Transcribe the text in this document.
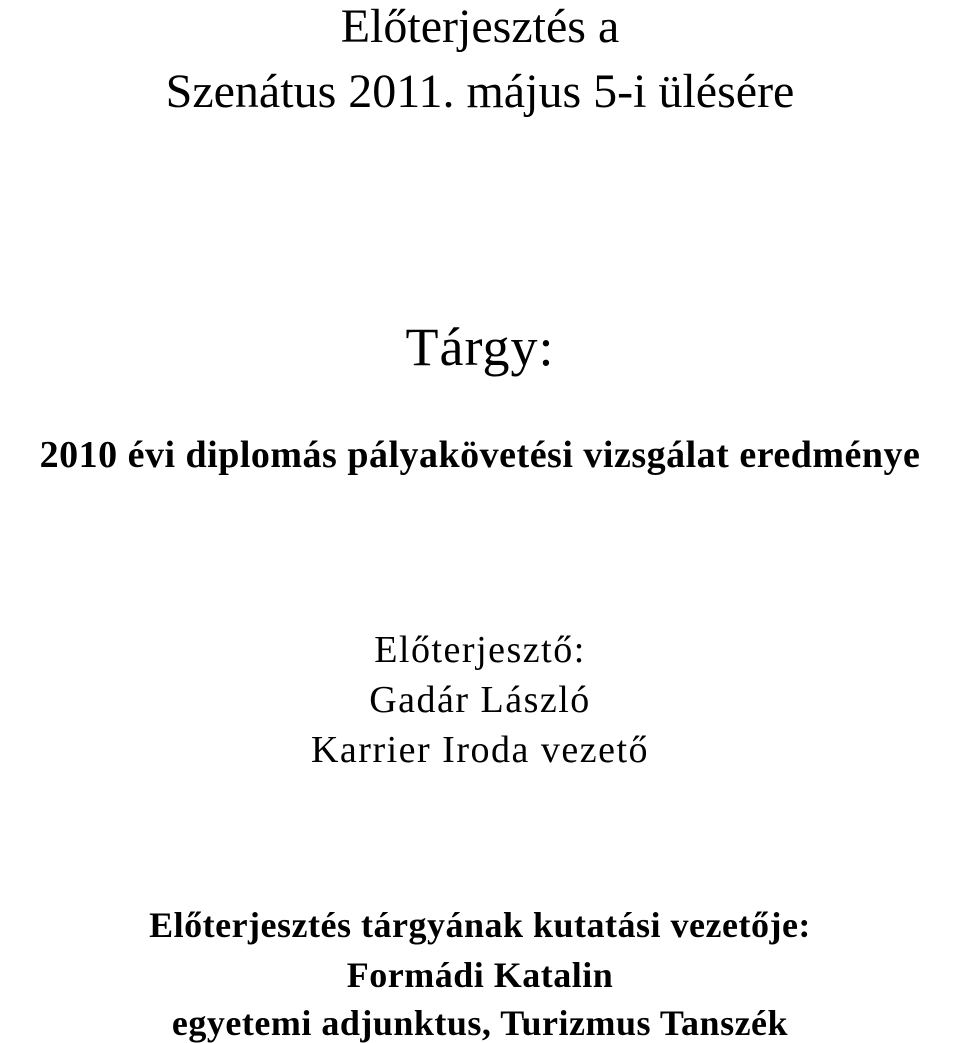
Előterjesztés a
Szenátus 2011. május 5-i ülésére
Tárgy:
2010 évi diplomás pályakövetési vizsgálat eredménye
Előterjesztő:
Gadár László
Karrier Iroda vezető
Előterjesztés tárgyának kutatási vezetője:
Formádi Katalin
egyetemi adjunktus, Turizmus Tanszék
